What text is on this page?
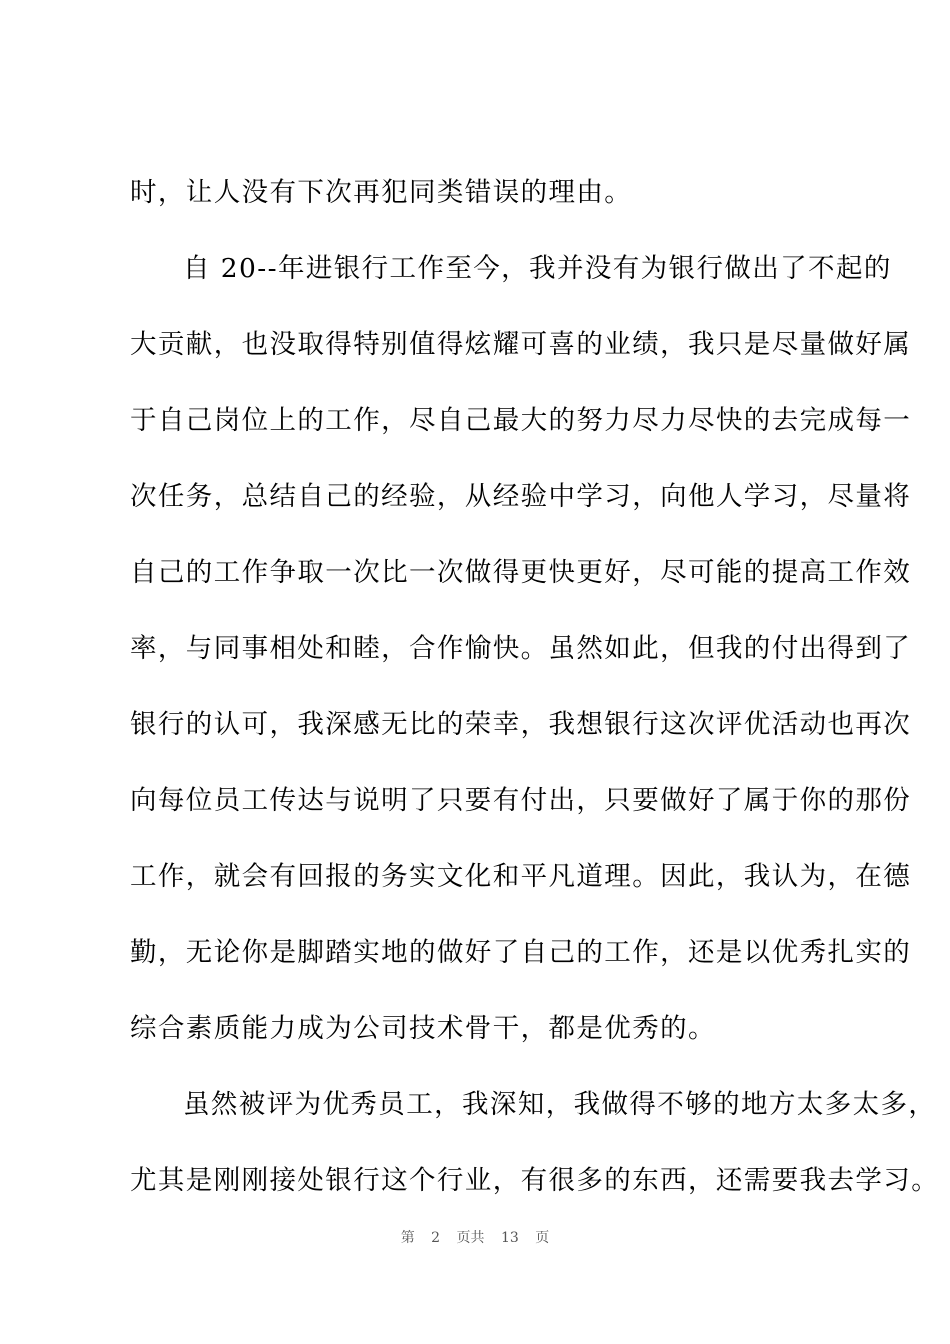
时，让人没有下次再犯同类错误的理由。
自 20--年进银行工作至今，我并没有为银行做出了不起的
大贡献，也没取得特别值得炫耀可喜的业绩，我只是尽量做好属
于自己岗位上的工作，尽自己最大的努力尽力尽快的去完成每一
次任务，总结自己的经验，从经验中学习，向他人学习，尽量将
自己的工作争取一次比一次做得更快更好，尽可能的提高工作效
率，与同事相处和睦，合作愉快。虽然如此，但我的付出得到了
银行的认可，我深感无比的荣幸，我想银行这次评优活动也再次
向每位员工传达与说明了只要有付出，只要做好了属于你的那份
工作，就会有回报的务实文化和平凡道理。因此，我认为，在德
勤，无论你是脚踏实地的做好了自己的工作，还是以优秀扎实的
综合素质能力成为公司技术骨干，都是优秀的。
虽然被评为优秀员工，我深知，我做得不够的地方太多太多，
尤其是刚刚接处银行这个行业，有很多的东西，还需要我去学习。
第 2 页共 13 页
